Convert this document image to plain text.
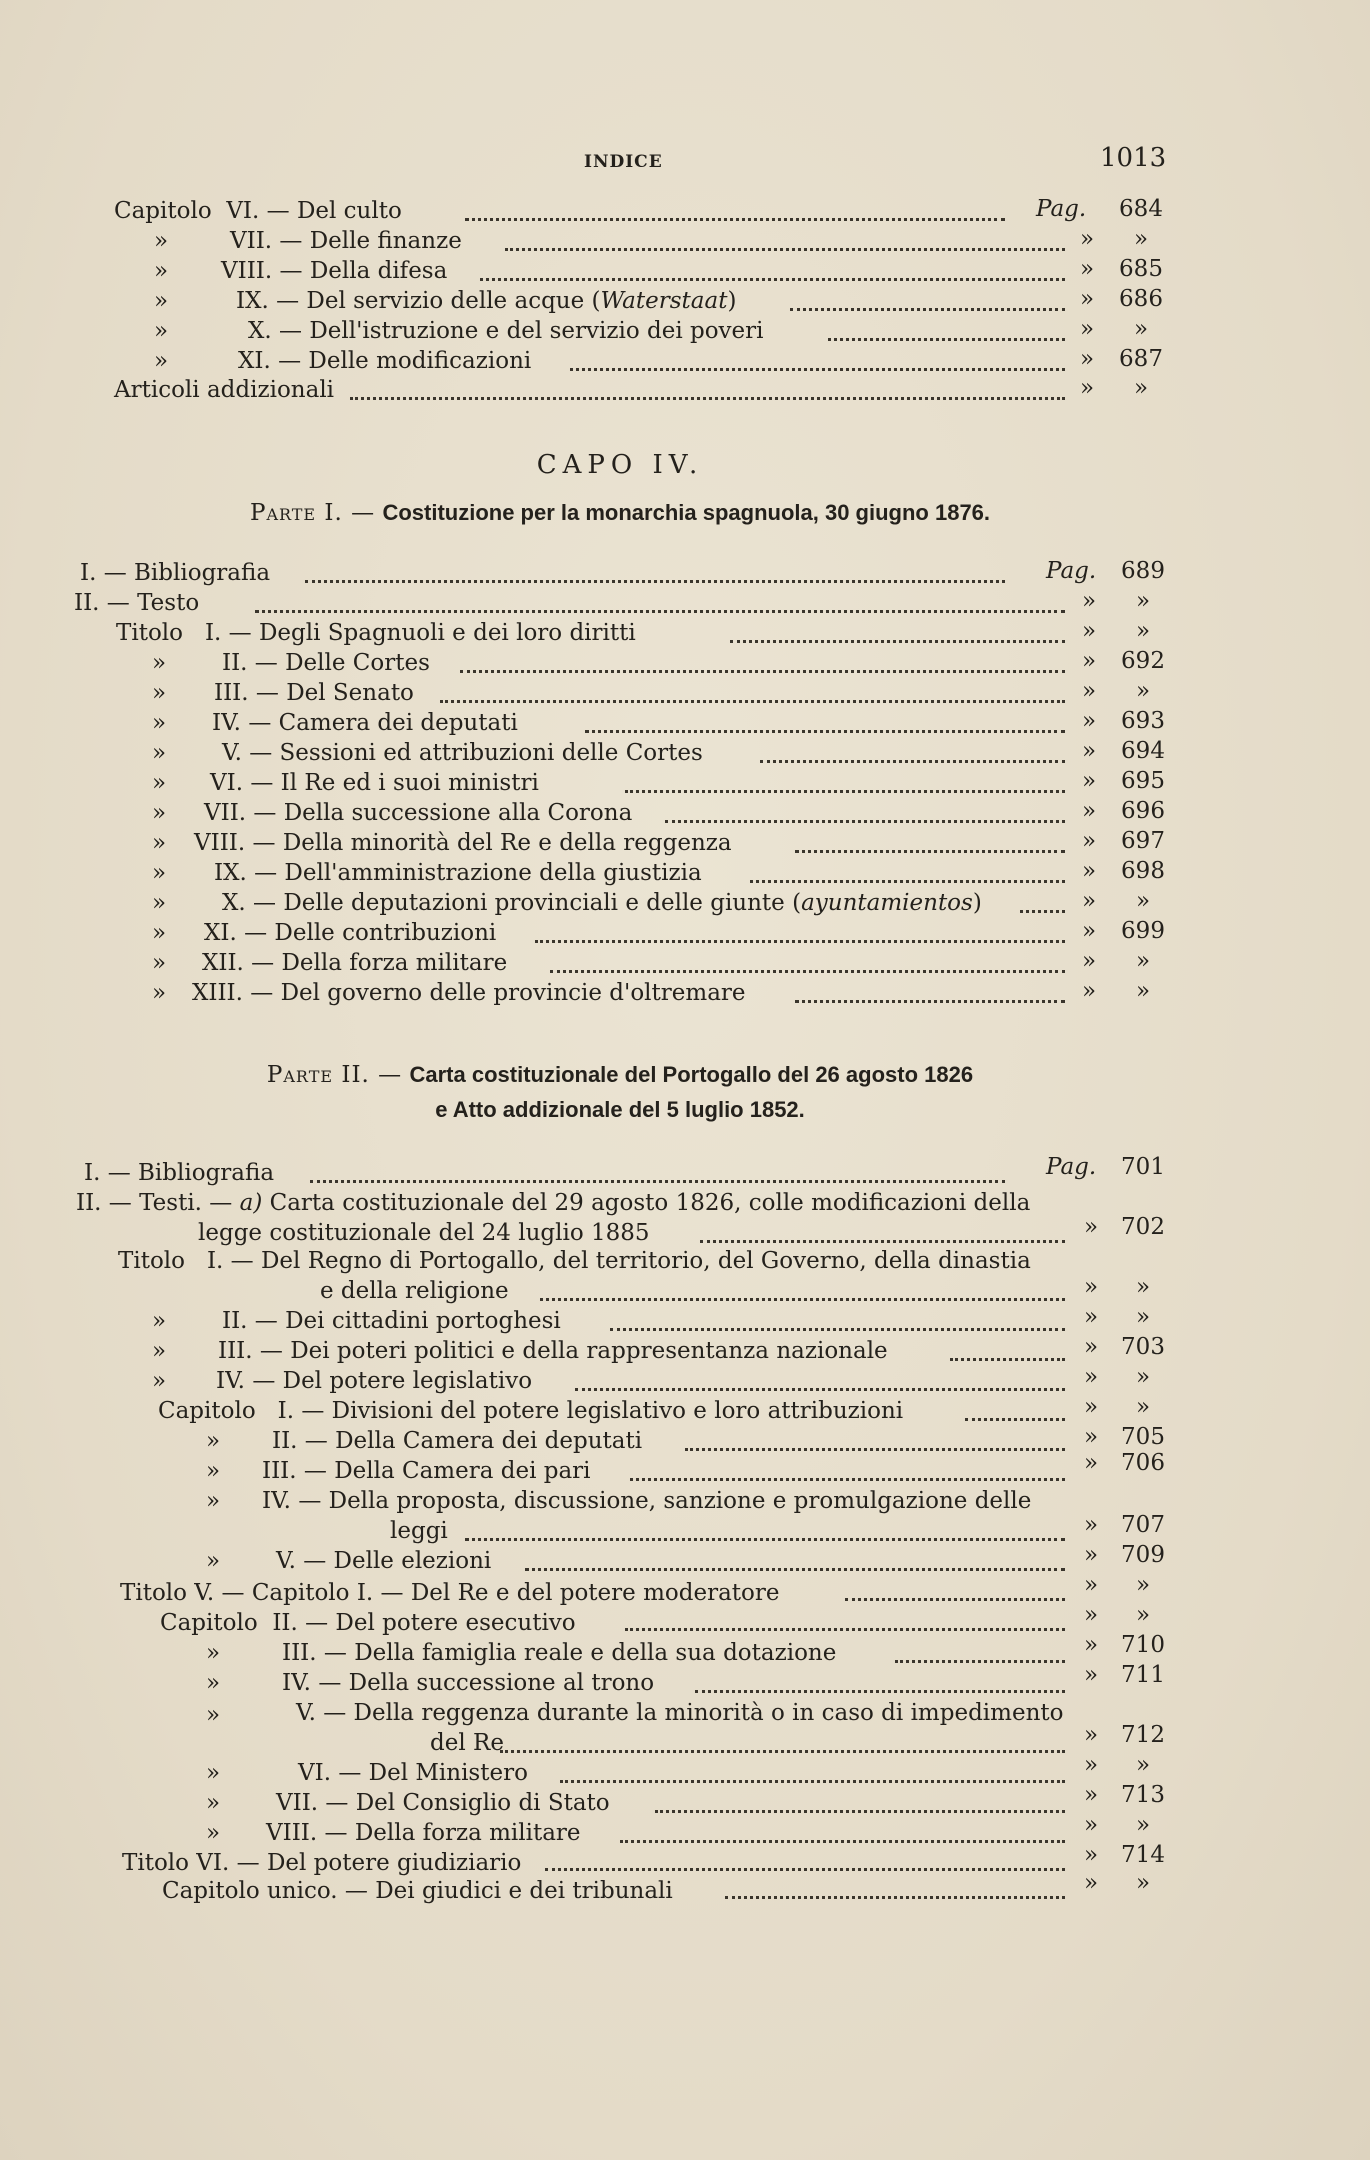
INDICE	1013
Capitolo VI. — Del culto	Pag. 684
»	VII. — Delle finanze	»	»
» VIII. — Della difesa	» 685
»	IX. — Del servizio delle acque (Waterstaat)	» 686
»	X. — Dell'istruzione e del servizio dei poveri	»	»
»	XI. — Delle modificazioni	» 687
Articoli addizionali	»	»
CAPO IV.
Parte I. — Costituzione per la monarchia spagnuola, 30 giugno 1876.
I. — Bibliografia	Pag. 689
II. — Testo	»	»
Titolo I. — Degli Spagnuoli e dei loro diritti	»	»
» II. — Delle Cortes	» 692
» III. — Del Senato	»	»
» IV. — Camera dei deputati	» 693
» V. — Sessioni ed attribuzioni delle Cortes	» 694
» VI. — Il Re ed i suoi ministri	» 695
» VII. — Della successione alla Corona	» 696
» VIII. — Della minorità del Re e della reggenza	» 697
» IX. — Dell'amministrazione della giustizia	» 698
» X. — Delle deputazioni provinciali e delle giunte (ayuntamientos)	»	»
» XI. — Delle contribuzioni	» 699
» XII. — Della forza militare	»	»
» XIII. — Del governo delle provincie d'oltremare	»	»
Parte II. — Carta costituzionale del Portogallo del 26 agosto 1826
e Atto addizionale del 5 luglio 1852.
I. — Bibliografia	Pag. 701
II. — Testi. — a) Carta costituzionale del 29 agosto 1826, colle modificazioni della
legge costituzionale del 24 luglio 1885	» 702
Titolo I. — Del Regno di Portogallo, del territorio, del Governo, della dinastia
e della religione	»	»
» II. — Dei cittadini portoghesi	»	»
» III. — Dei poteri politici e della rappresentanza nazionale	» 703
» IV. — Del potere legislativo	»	»
Capitolo I. — Divisioni del potere legislativo e loro attribuzioni	»	»
» II. — Della Camera dei deputati	» 705
» III. — Della Camera dei pari	» 706
» IV. — Della proposta, discussione, sanzione e promulgazione delle
leggi	» 707
» V. — Delle elezioni	» 709
Titolo V. — Capitolo I. — Del Re e del potere moderatore	»	»
Capitolo II. — Del potere esecutivo	»	»
»	III. — Della famiglia reale e della sua dotazione	» 710
»	IV. — Della successione al trono	» 711
»	V. — Della reggenza durante la minorità o in caso di impedimento
del Re	» 712
»	VI. — Del Ministero	»	»
» VII. — Del Consiglio di Stato	» 713
» VIII. — Della forza militare	»	»
Titolo VI. — Del potere giudiziario	» 714
Capitolo unico. — Dei giudici e dei tribunali	»	»
